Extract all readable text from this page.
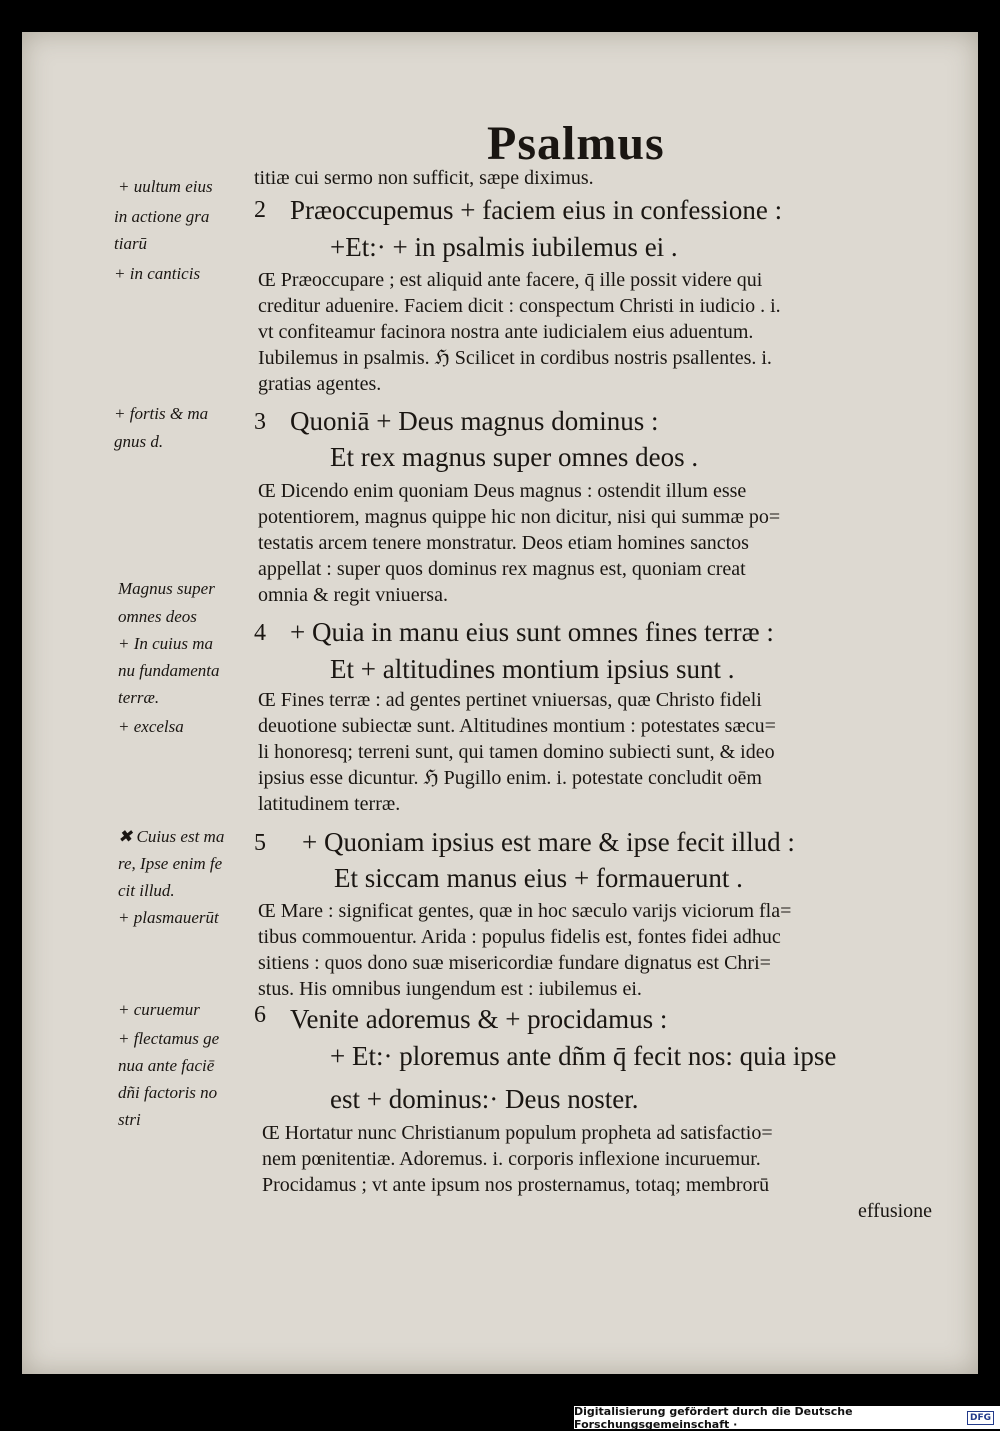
Psalmus
+ uultum eius
in actione gra
tiarū
+ in canticis
+ fortis & ma
gnus d.
Magnus super
omnes deos
+ In cuius ma
nu fundamenta
terræ.
+ excelsa
✖ Cuius est ma
re, Ipse enim fe
cit illud.
+ plasmauerūt
+ curuemur
+ flectamus ge
nua ante faciē
dñi factoris no
stri
2
3
4
5
6
titiæ cui sermo non sufficit, sæpe diximus.
Præoccupemus + faciem eius in confessione :
+Et:· + in psalmis iubilemus ei .
Œ Præoccupare ; est aliquid ante facere, q̄ ille possit videre qui
creditur aduenire. Faciem dicit : conspectum Christi in iudicio . i.
vt confiteamur facinora nostra ante iudicialem eius aduentum.
Iubilemus in psalmis. ℌ Scilicet in cordibus nostris psallentes. i.
gratias agentes.
Quoniā + Deus magnus dominus :
Et rex magnus super omnes deos .
Œ Dicendo enim quoniam Deus magnus : ostendit illum esse
potentiorem, magnus quippe hic non dicitur, nisi qui summæ po=
testatis arcem tenere monstratur. Deos etiam homines sanctos
appellat : super quos dominus rex magnus est, quoniam creat
omnia & regit vniuersa.
+ Quia in manu eius sunt omnes fines terræ :
Et + altitudines montium ipsius sunt .
Œ Fines terræ : ad gentes pertinet vniuersas, quæ Christo fideli
deuotione subiectæ sunt. Altitudines montium : potestates sæcu=
li honoresq; terreni sunt, qui tamen domino subiecti sunt, & ideo
ipsius esse dicuntur. ℌ Pugillo enim. i. potestate concludit oēm
latitudinem terræ.
+ Quoniam ipsius est mare & ipse fecit illud :
Et siccam manus eius + formauerunt .
Œ Mare : significat gentes, quæ in hoc sæculo varijs viciorum fla=
tibus commouentur. Arida : populus fidelis est, fontes fidei adhuc
sitiens : quos dono suæ misericordiæ fundare dignatus est Chri=
stus. His omnibus iungendum est : iubilemus ei.
Venite adoremus & + procidamus :
+ Et:· ploremus ante dñm q̄ fecit nos: quia ipse
est + dominus:· Deus noster.
Œ Hortatur nunc Christianum populum propheta ad satisfactio=
nem pœnitentiæ. Adoremus. i. corporis inflexione incuruemur.
Procidamus ; vt ante ipsum nos prosternamus, totaq; membrorū
effusione
Digitalisierung gefördert durch die Deutsche Forschungsgemeinschaft ·	DFG
